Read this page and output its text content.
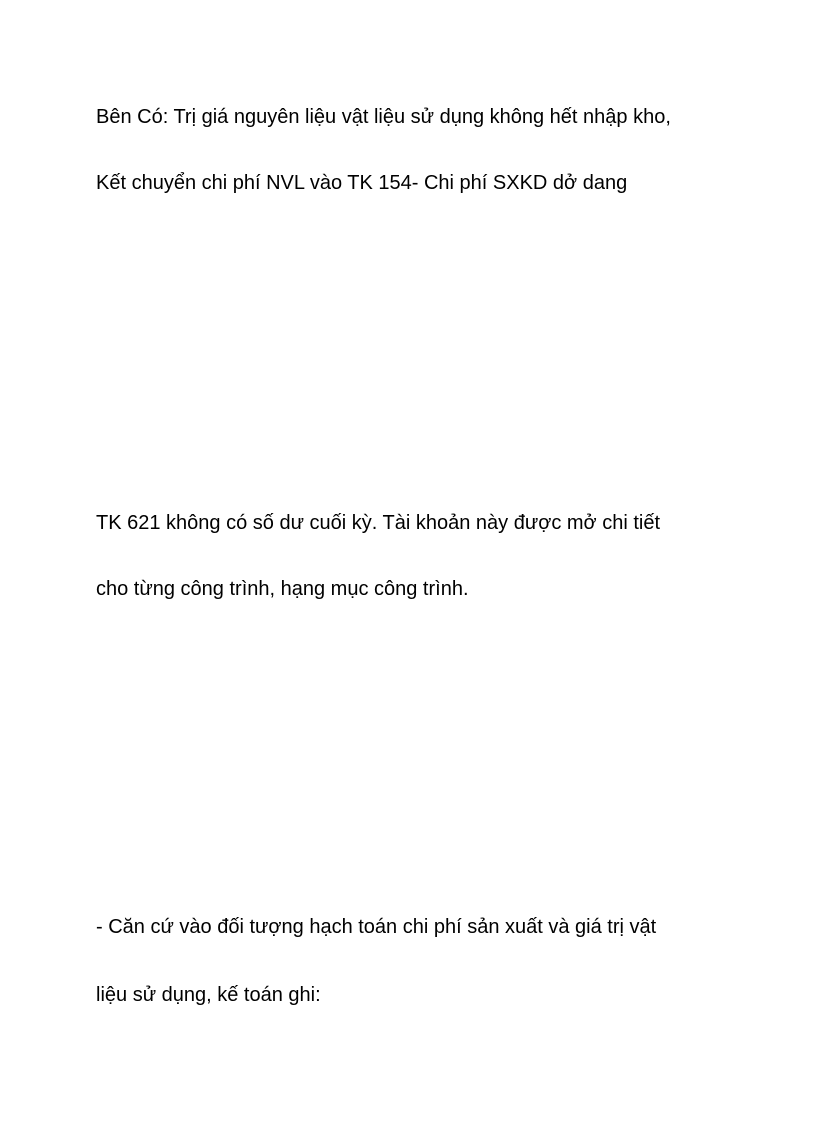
Bên Có: Trị giá nguyên liệu vật liệu sử dụng không hết nhập kho,

Kết chuyển chi phí NVL vào TK 154- Chi phí SXKD dở dang

TK 621 không có số dư cuối kỳ. Tài khoản này được mở chi tiết

cho từng công trình, hạng mục công trình.

- Căn cứ vào đối tượng hạch toán chi phí sản xuất và giá trị vật

liệu sử dụng, kế toán ghi:
